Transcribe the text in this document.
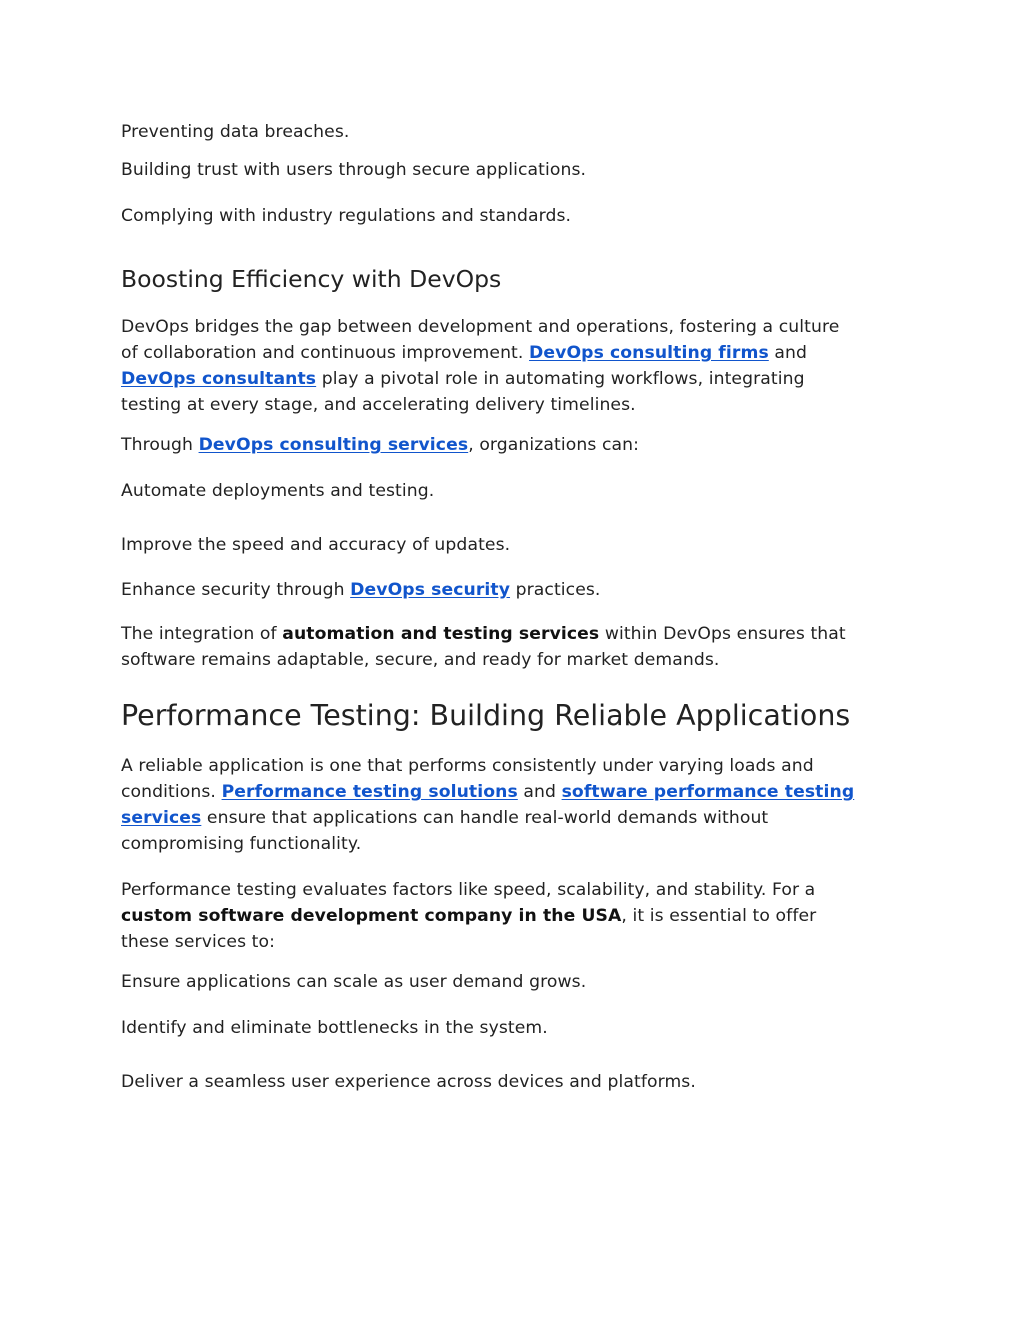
Preventing data breaches.

Building trust with users through secure applications.

Complying with industry regulations and standards.

Boosting Efficiency with DevOps

DevOps bridges the gap between development and operations, fostering a culture
of collaboration and continuous improvement. DevOps consulting firms and
DevOps consultants play a pivotal role in automating workflows, integrating
testing at every stage, and accelerating delivery timelines.

Through DevOps consulting services, organizations can:

Automate deployments and testing.

Improve the speed and accuracy of updates.

Enhance security through DevOps security practices.

The integration of automation and testing services within DevOps ensures that
software remains adaptable, secure, and ready for market demands.

Performance Testing: Building Reliable Applications

A reliable application is one that performs consistently under varying loads and
conditions. Performance testing solutions and software performance testing
services ensure that applications can handle real-world demands without
compromising functionality.

Performance testing evaluates factors like speed, scalability, and stability. For a
custom software development company in the USA, it is essential to offer
these services to:

Ensure applications can scale as user demand grows.

Identify and eliminate bottlenecks in the system.

Deliver a seamless user experience across devices and platforms.
